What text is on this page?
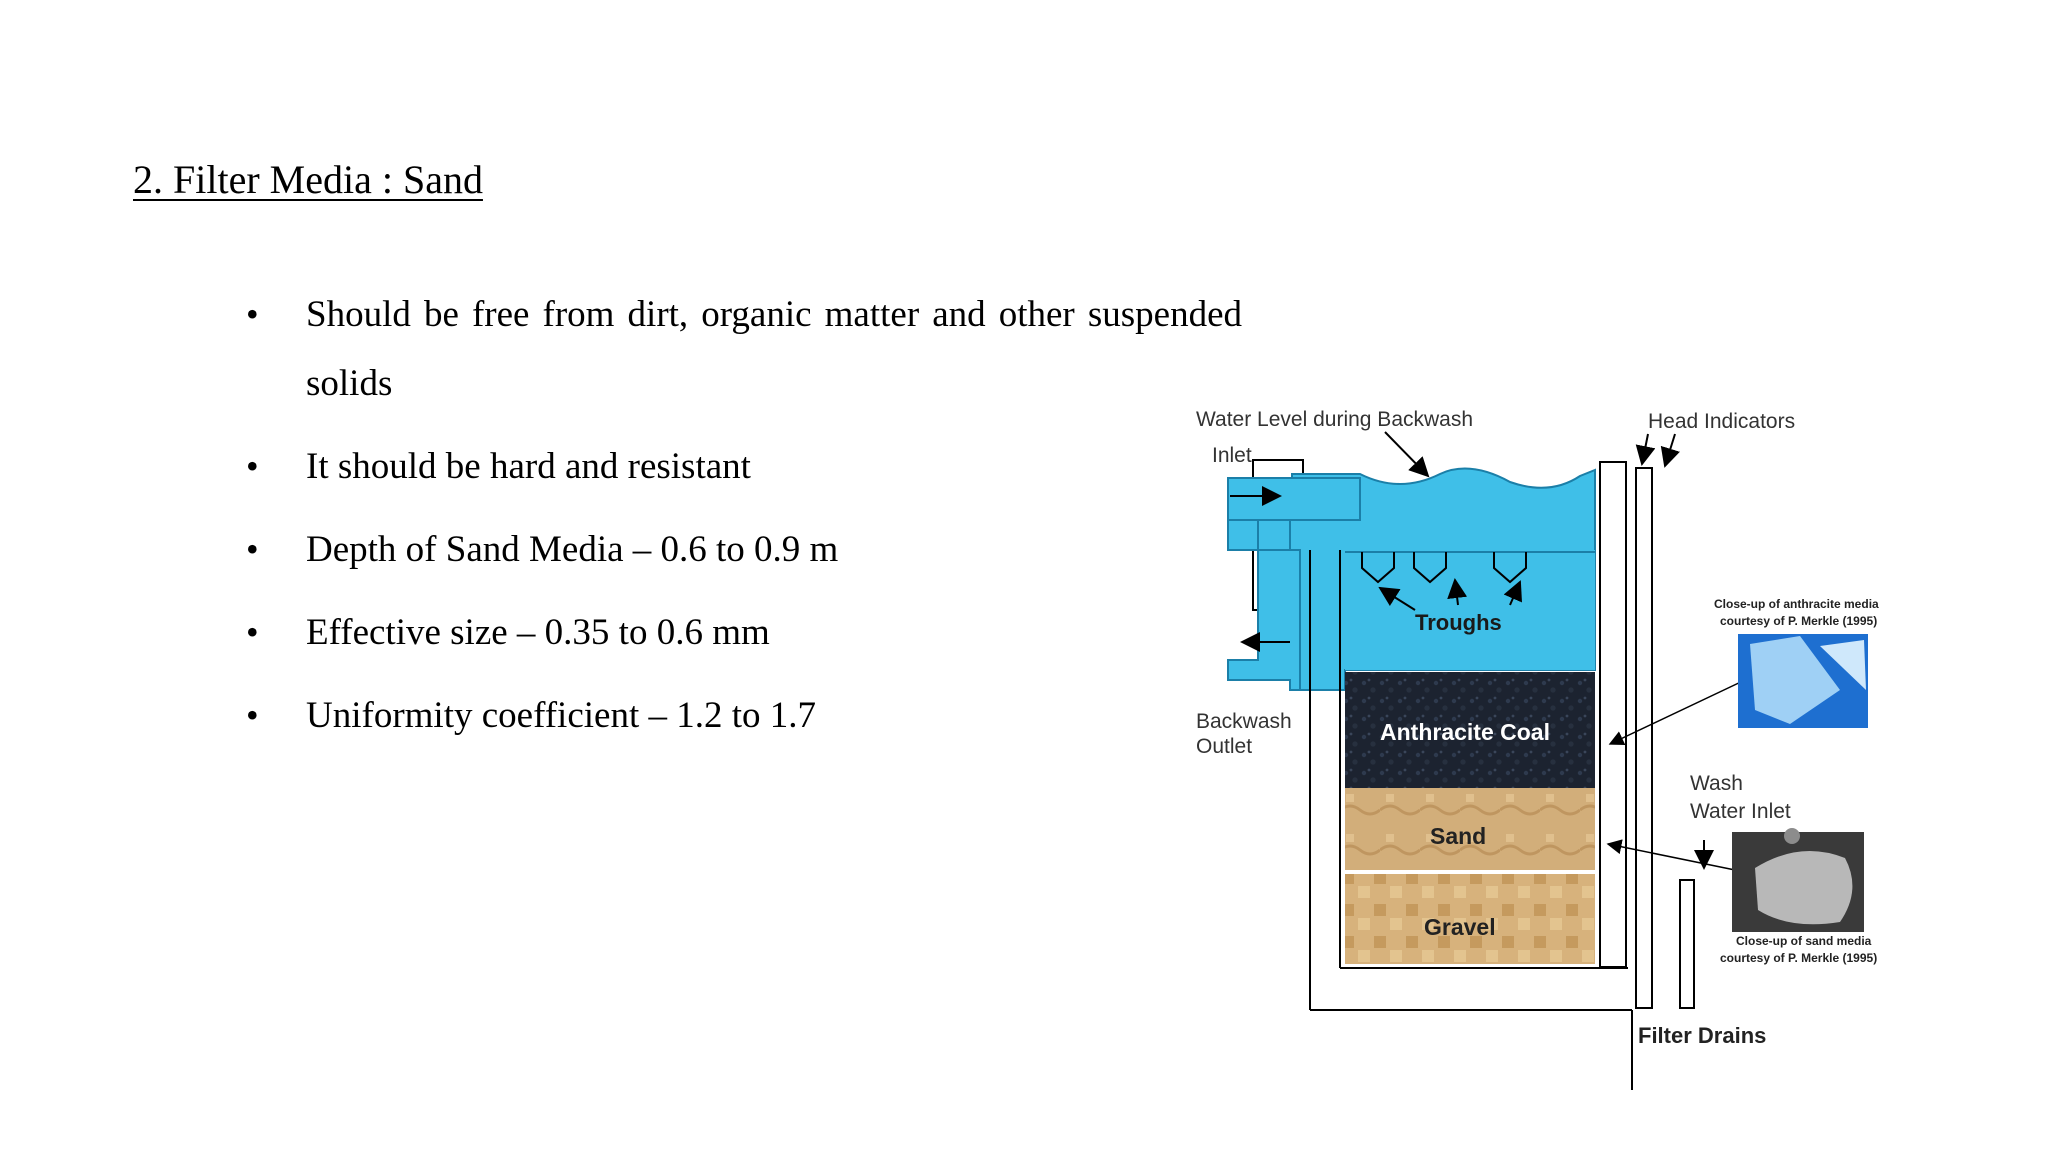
2. Filter Media : Sand
• Should be free from dirt, organic matter and other suspended solids
• It should be hard and resistant
• Depth of Sand Media – 0.6 to 0.9 m
• Effective size – 0.35 to 0.6 mm
• Uniformity coefficient – 1.2 to 1.7
Water Level during Backwash
Inlet
Head Indicators
Troughs
Backwash
Outlet
Anthracite Coal
Sand
Gravel
Wash
Water Inlet
Filter Drains
Close-up of anthracite media
courtesy of P. Merkle (1995)
Close-up of sand media
courtesy of P. Merkle (1995)
